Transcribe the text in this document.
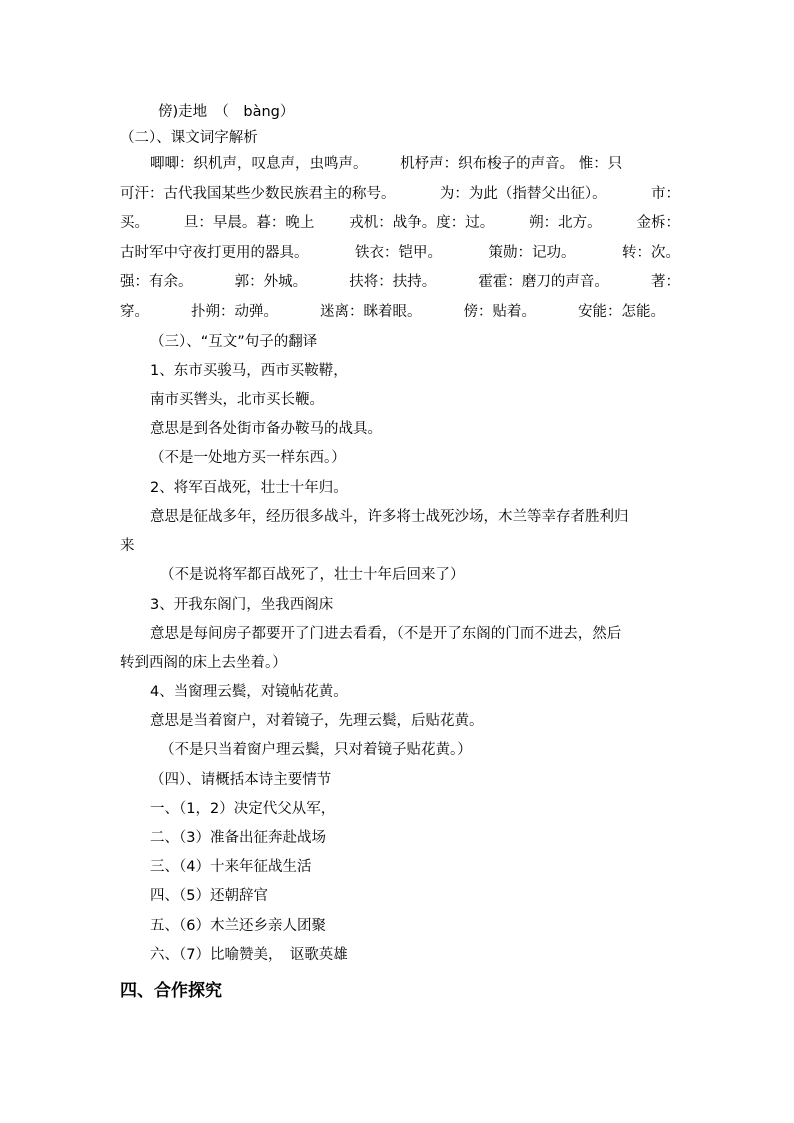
傍)走地　（　bàng）
（二）、课文词字解析
唧唧：织机声，叹息声，虫鸣声。 机杼声：织布梭子的声音。 惟：只
可汗：古代我国某些少数民族君主的称号。	为：为此（指替父出征）。	市：
买。 旦：早晨。暮：晚上 戎机：战争。度：过。 朔：北方。 金柝：
古时军中守夜打更用的器具。	铁衣：铠甲。	策勋：记功。	转：次。
强：有余。	郭：外城。	扶将：扶持。	霍霍：磨刀的声音。	著：
穿。	扑朔：动弹。	迷离：眯着眼。	傍：贴着。	安能：怎能。
（三）、“互文”句子的翻译
1、东市买骏马，西市买鞍鞯，
南市买辔头，北市买长鞭。
意思是到各处街市备办鞍马的战具。
（不是一处地方买一样东西。）
2、将军百战死，壮士十年归。
意思是征战多年，经历很多战斗，许多将士战死沙场，木兰等幸存者胜利归
来
（不是说将军都百战死了，壮士十年后回来了）
3、开我东阁门，坐我西阁床
意思是每间房子都要开了门进去看看，（不是开了东阁的门而不进去，然后
转到西阁的床上去坐着。）
4、当窗理云鬓，对镜帖花黄。
意思是当着窗户，对着镜子，先理云鬓，后贴花黄。
（不是只当着窗户理云鬓，只对着镜子贴花黄。）
（四）、请概括本诗主要情节
一、（1，2）决定代父从军，
二、（3）准备出征奔赴战场
三、（4）十来年征战生活
四、（5）还朝辞官
五、（6）木兰还乡亲人团聚
六、（7）比喻赞美，　讴歌英雄
四、合作探究
